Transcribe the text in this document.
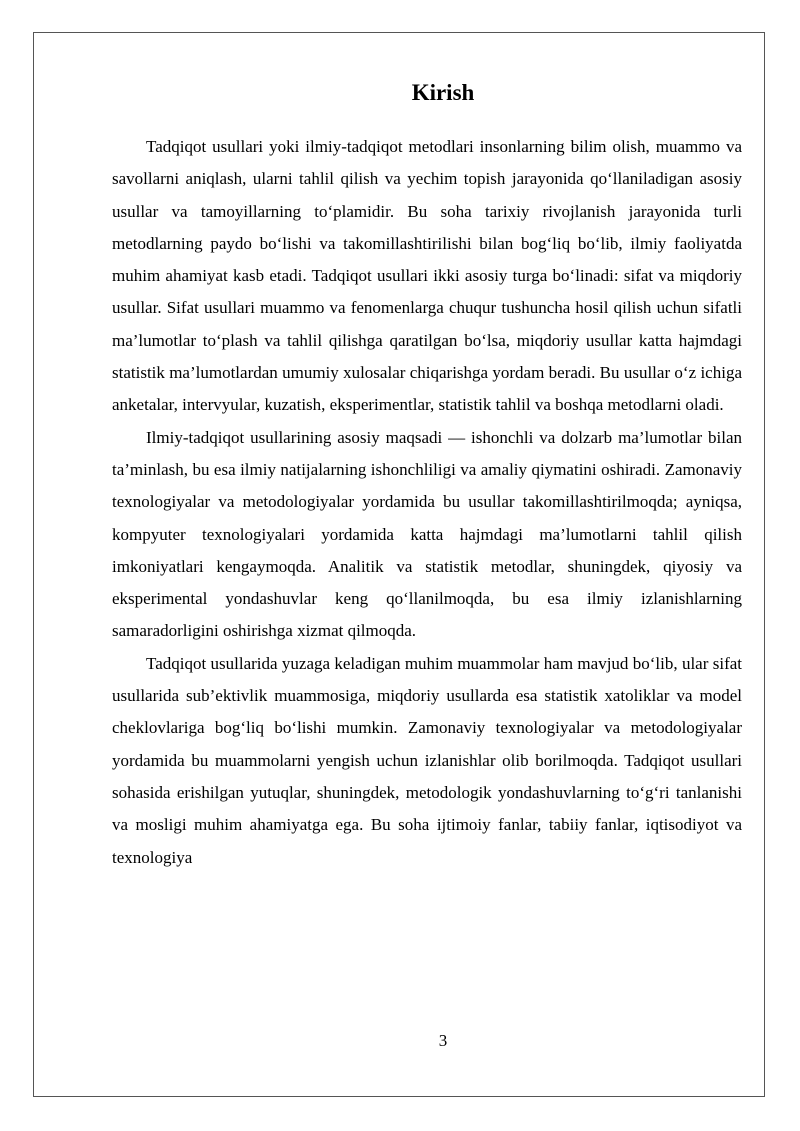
Kirish

Tadqiqot usullari yoki ilmiy-tadqiqot metodlari insonlarning bilim olish, muammo va savollarni aniqlash, ularni tahlil qilish va yechim topish jarayonida qo‘llaniladigan asosiy usullar va tamoyillarning to‘plamidir. Bu soha tarixiy rivojlanish jarayonida turli metodlarning paydo bo‘lishi va takomillashtirilishi bilan bog‘liq bo‘lib, ilmiy faoliyatda muhim ahamiyat kasb etadi. Tadqiqot usullari ikki asosiy turga bo‘linadi: sifat va miqdoriy usullar. Sifat usullari muammo va fenomenlarga chuqur tushuncha hosil qilish uchun sifatli ma’lumotlar to‘plash va tahlil qilishga qaratilgan bo‘lsa, miqdoriy usullar katta hajmdagi statistik ma’lumotlardan umumiy xulosalar chiqarishga yordam beradi. Bu usullar o‘z ichiga anketalar, intervyular, kuzatish, eksperimentlar, statistik tahlil va boshqa metodlarni oladi.

Ilmiy-tadqiqot usullarining asosiy maqsadi — ishonchli va dolzarb ma’lumotlar bilan ta’minlash, bu esa ilmiy natijalarning ishonchliligi va amaliy qiymatini oshiradi. Zamonaviy texnologiyalar va metodologiyalar yordamida bu usullar takomillashtirilmoqda; ayniqsa, kompyuter texnologiyalari yordamida katta hajmdagi ma’lumotlarni tahlil qilish imkoniyatlari kengaymoqda. Analitik va statistik metodlar, shuningdek, qiyosiy va eksperimental yondashuvlar keng qo‘llanilmoqda, bu esa ilmiy izlanishlarning samaradorligini oshirishga xizmat qilmoqda.

Tadqiqot usullarida yuzaga keladigan muhim muammolar ham mavjud bo‘lib, ular sifat usullarida sub’ektivlik muammosiga, miqdoriy usullarda esa statistik xatoliklar va model cheklovlariga bog‘liq bo‘lishi mumkin. Zamonaviy texnologiyalar va metodologiyalar yordamida bu muammolarni yengish uchun izlanishlar olib borilmoqda. Tadqiqot usullari sohasida erishilgan yutuqlar, shuningdek, metodologik yondashuvlarning to‘g‘ri tanlanishi va mosligi muhim ahamiyatga ega. Bu soha ijtimoiy fanlar, tabiiy fanlar, iqtisodiyot va texnologiya

3
